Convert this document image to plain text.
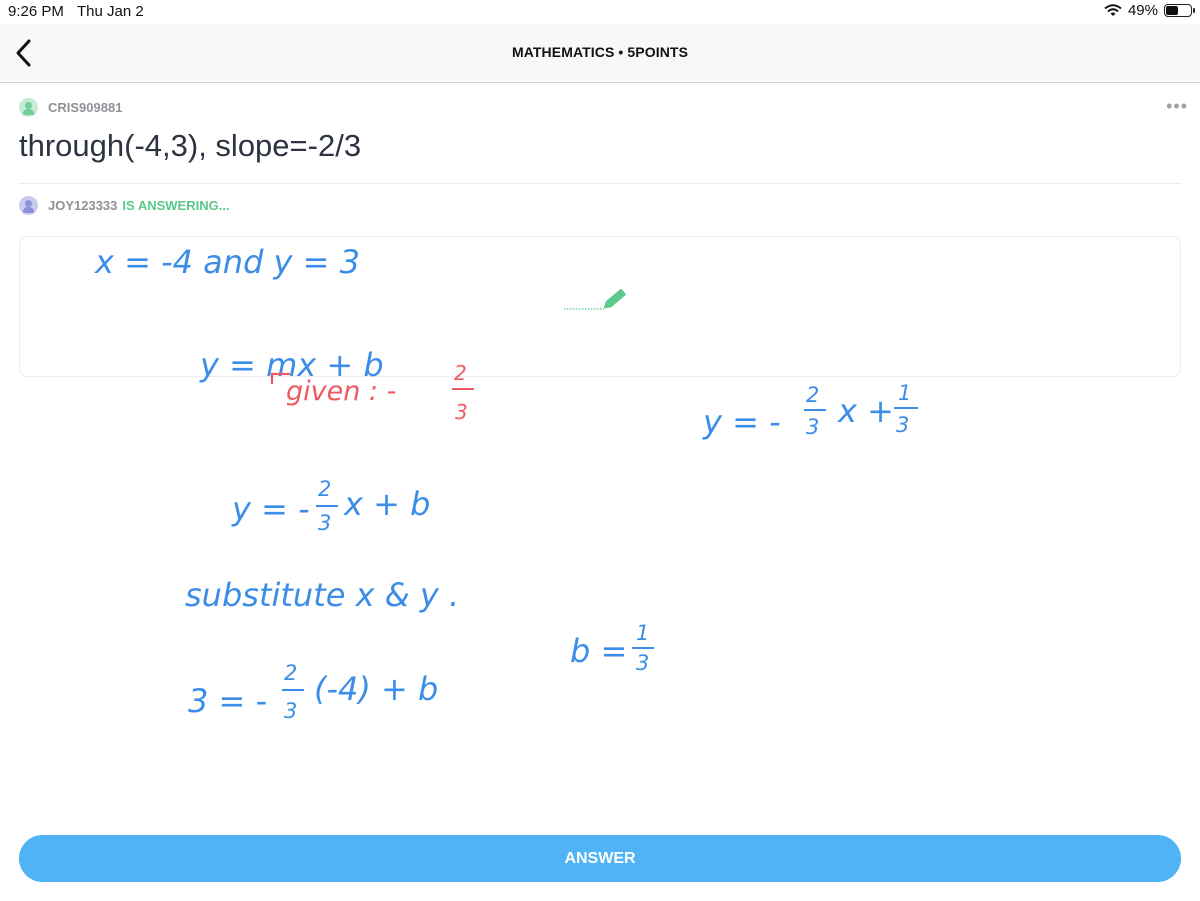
9:26 PM Thu Jan 2	49%
MATHEMATICS • 5POINTS
CRIS909881	•••
through(-4,3), slope=-2/3
JOY123333 IS ANSWERING...
x = -4 and y = 3
y = mx + b
y = -
2
3 x + b
substitute x & y .
3 = -
2
3
(-4) + b
b = 1
3
y = -
2
3 x + 1
3
given : -
2
3
ANSWER
